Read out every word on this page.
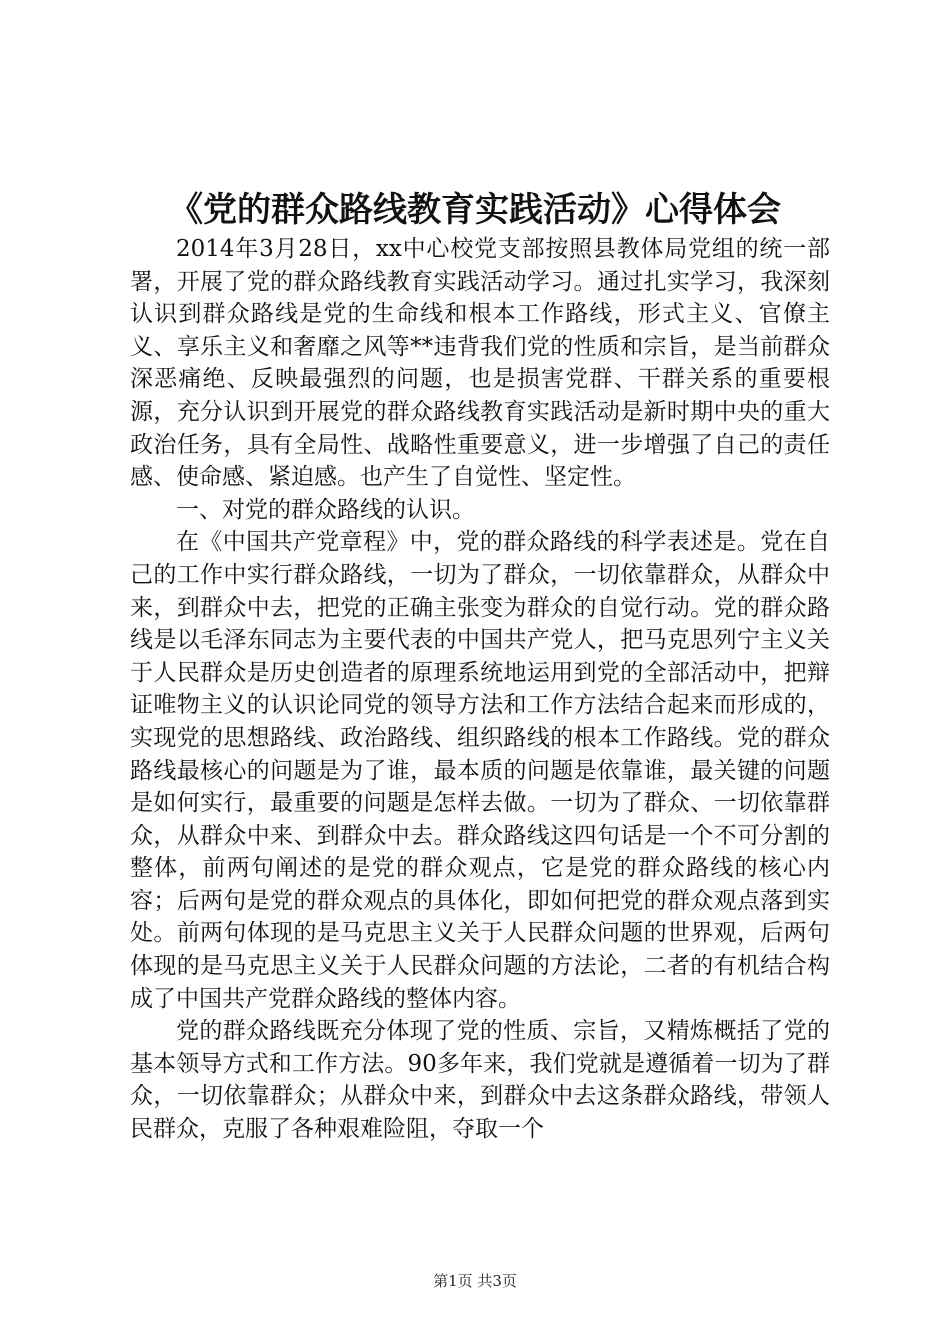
《党的群众路线教育实践活动》心得体会

2014年3月28日，xx中心校党支部按照县教体局党组的统一部署，开展了党的群众路线教育实践活动学习。通过扎实学习，我深刻认识到群众路线是党的生命线和根本工作路线，形式主义、官僚主义、享乐主义和奢靡之风等**违背我们党的性质和宗旨，是当前群众深恶痛绝、反映最强烈的问题，也是损害党群、干群关系的重要根源，充分认识到开展党的群众路线教育实践活动是新时期中央的重大政治任务，具有全局性、战略性重要意义，进一步增强了自己的责任感、使命感、紧迫感。也产生了自觉性、坚定性。

一、对党的群众路线的认识。

在《中国共产党章程》中，党的群众路线的科学表述是。党在自己的工作中实行群众路线，一切为了群众，一切依靠群众，从群众中来，到群众中去，把党的正确主张变为群众的自觉行动。党的群众路线是以毛泽东同志为主要代表的中国共产党人，把马克思列宁主义关于人民群众是历史创造者的原理系统地运用到党的全部活动中，把辩证唯物主义的认识论同党的领导方法和工作方法结合起来而形成的，实现党的思想路线、政治路线、组织路线的根本工作路线。党的群众路线最核心的问题是为了谁，最本质的问题是依靠谁，最关键的问题是如何实行，最重要的问题是怎样去做。一切为了群众、一切依靠群众，从群众中来、到群众中去。群众路线这四句话是一个不可分割的整体，前两句阐述的是党的群众观点，它是党的群众路线的核心内容；后两句是党的群众观点的具体化，即如何把党的群众观点落到实处。前两句体现的是马克思主义关于人民群众问题的世界观，后两句体现的是马克思主义关于人民群众问题的方法论，二者的有机结合构成了中国共产党群众路线的整体内容。

党的群众路线既充分体现了党的性质、宗旨，又精炼概括了党的基本领导方式和工作方法。90多年来，我们党就是遵循着一切为了群众，一切依靠群众；从群众中来，到群众中去这条群众路线，带领人民群众，克服了各种艰难险阻，夺取一个

第1页 共3页
